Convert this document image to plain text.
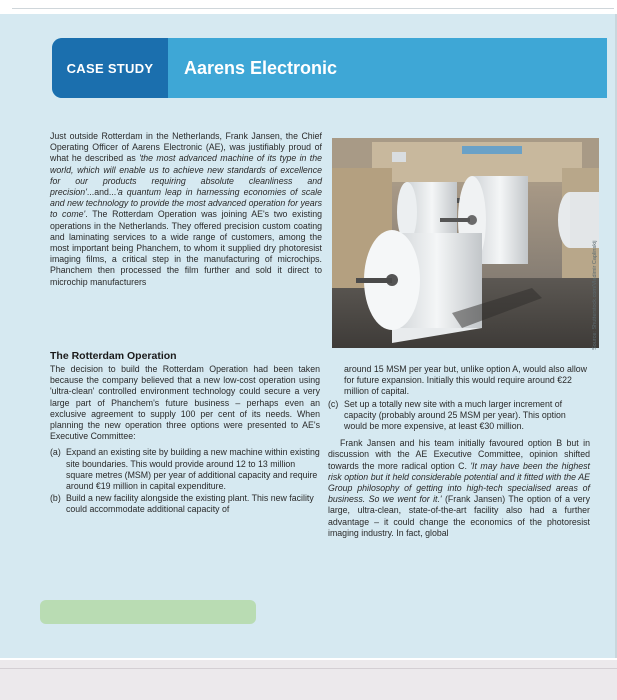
CASE STUDY	Aarens Electronic
Just outside Rotterdam in the Netherlands, Frank Jansen, the Chief Operating Officer of Aarens Electronic (AE), was justifiably proud of what he described as 'the most advanced machine of its type in the world, which will enable us to achieve new standards of excellence for our products requiring absolute cleanliness and precision'...and...'a quantum leap in harnessing economies of scale and new technology to provide the most advanced operation for years to come'. The Rotterdam Operation was joining AE's two existing operations in the Netherlands. They offered precision custom coating and laminating services to a wide range of customers, among the most important being Phanchem, to whom it supplied dry photoresist imaging films, a critical step in the manufacturing of microchips. Phanchem then processed the film further and sold it direct to microchip manufacturers	Source: Shutterstock.com/Vladimir Caplinskij
The Rotterdam Operation
The decision to build the Rotterdam Operation had been taken because the company believed that a new low-cost operation using 'ultra-clean' controlled environment technology could secure a very large part of Phanchem's future business – perhaps even an exclusive agreement to supply 100 per cent of its needs. When planning the new operation three options were presented to AE's Executive Committee:
(a) Expand an existing site by building a new machine within existing site boundaries. This would provide around 12 to 13 million square metres (MSM) per year of additional capacity and require around €19 million in capital expenditure.
(b) Build a new facility alongside the existing plant. This new facility could accommodate additional capacity of
around 15 MSM per year but, unlike option A, would also allow for future expansion. Initially this would require around €22 million of capital.
(c) Set up a totally new site with a much larger increment of capacity (probably around 25 MSM per year). This option would be more expensive, at least €30 million.
Frank Jansen and his team initially favoured option B but in discussion with the AE Executive Committee, opinion shifted towards the more radical option C. 'It may have been the highest risk option but it held considerable potential and it fitted with the AE Group philosophy of getting into high-tech specialised areas of business. So we went for it.' (Frank Jansen) The option of a very large, ultra-clean, state-of-the-art facility also had a further advantage – it could change the economics of the photoresist imaging industry. In fact, global
